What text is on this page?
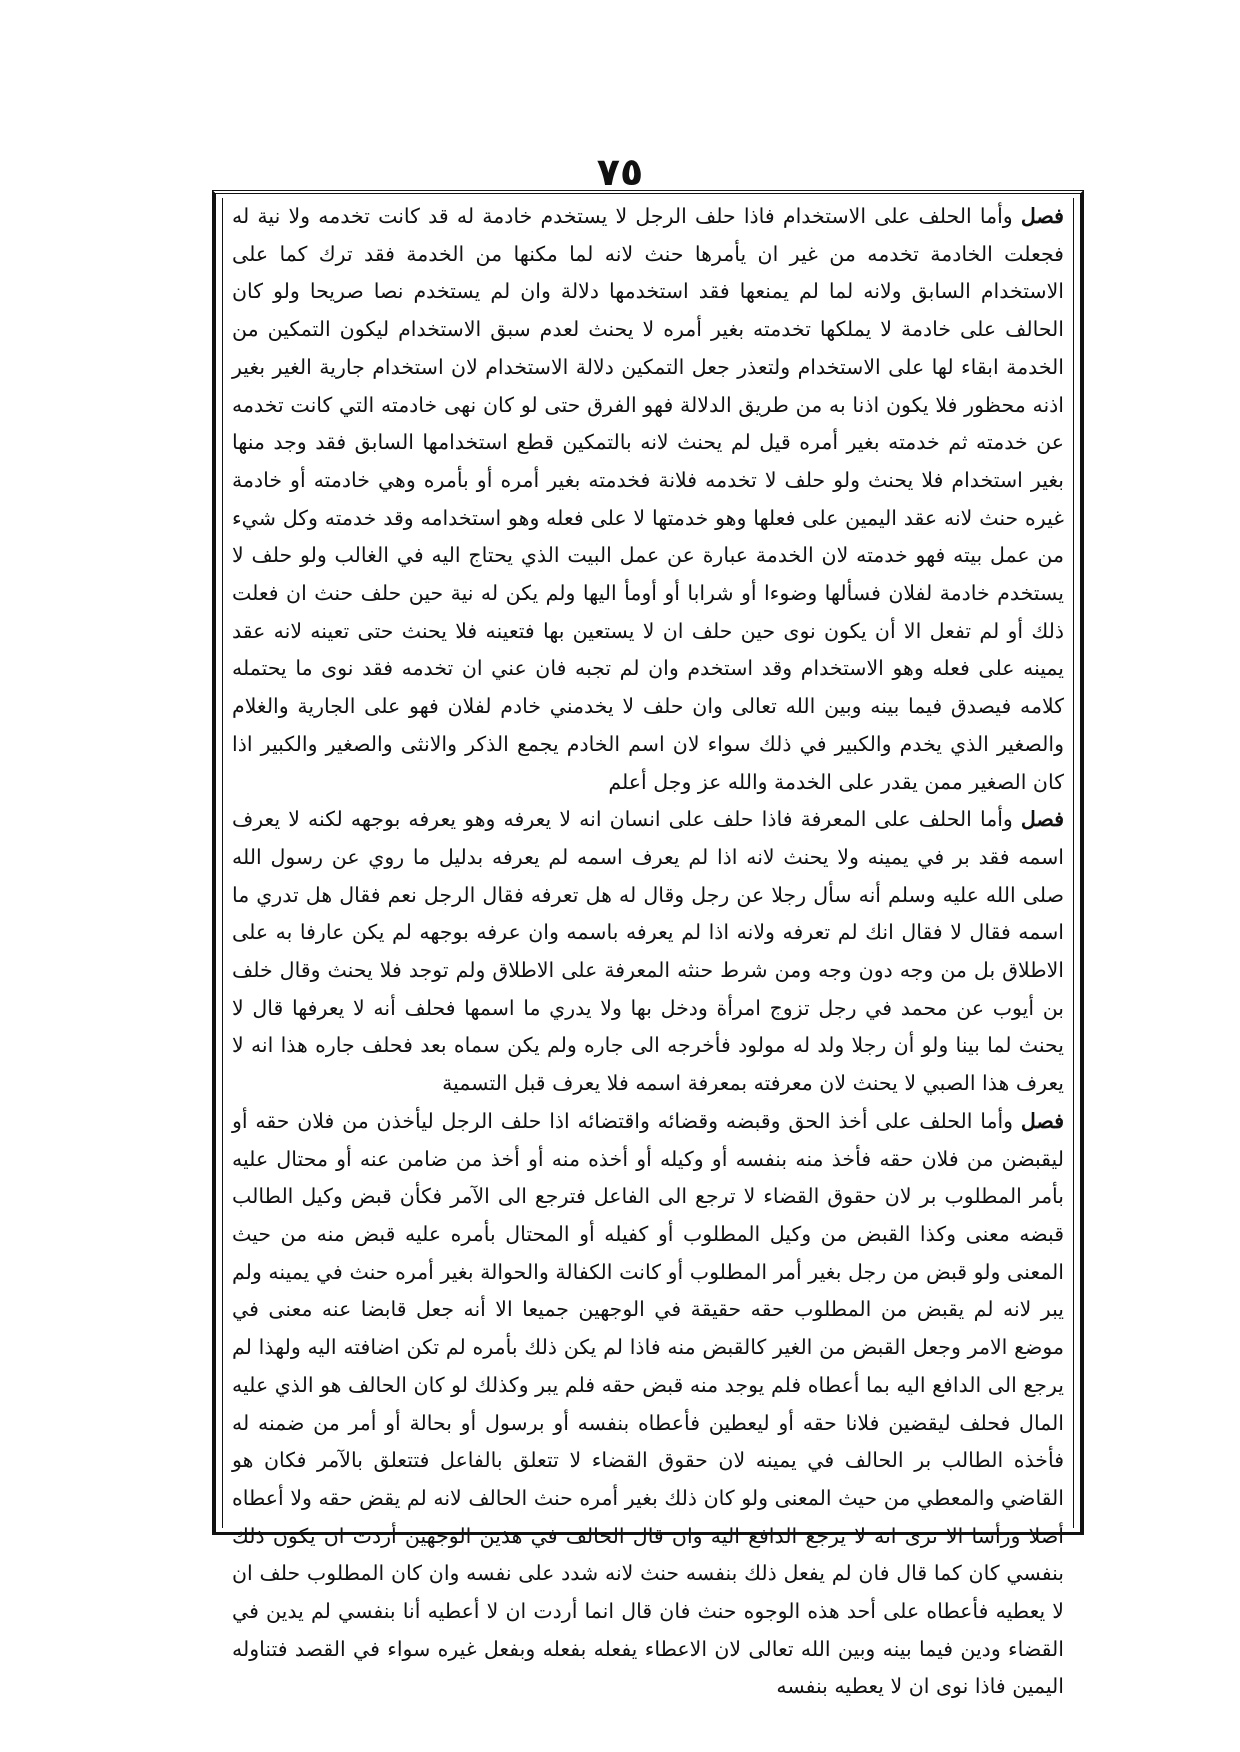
٧٥

فصل وأما الحلف على الاستخدام فاذا حلف الرجل لا يستخدم خادمة له قد كانت تخدمه ولا نية له فجعلت الخادمة تخدمه من غير ان يأمرها حنث لانه لما مكنها من الخدمة فقد ترك كما على الاستخدام السابق ولانه لما لم يمنعها فقد استخدمها دلالة وان لم يستخدم نصا صريحا ولو كان الحالف على خادمة لا يملكها تخدمته بغير أمره لا يحنث لعدم سبق الاستخدام ليكون التمكين من الخدمة ابقاء لها على الاستخدام ولتعذر جعل التمكين دلالة الاستخدام لان استخدام جارية الغير بغير اذنه محظور فلا يكون اذنا به من طريق الدلالة فهو الفرق حتى لو كان نهى خادمته التي كانت تخدمه عن خدمته ثم خدمته بغير أمره قيل لم يحنث لانه بالتمكين قطع استخدامها السابق فقد وجد منها بغير استخدام فلا يحنث ولو حلف لا تخدمه فلانة فخدمته بغير أمره أو بأمره وهي خادمته أو خادمة غيره حنث لانه عقد اليمين على فعلها وهو خدمتها لا على فعله وهو استخدامه وقد خدمته وكل شيء من عمل بيته فهو خدمته لان الخدمة عبارة عن عمل البيت الذي يحتاج اليه في الغالب ولو حلف لا يستخدم خادمة لفلان فسألها وضوءا أو شرابا أو أومأ اليها ولم يكن له نية حين حلف حنث ان فعلت ذلك أو لم تفعل الا أن يكون نوى حين حلف ان لا يستعين بها فتعينه فلا يحنث حتى تعينه لانه عقد يمينه على فعله وهو الاستخدام وقد استخدم وان لم تجبه فان عني ان تخدمه فقد نوى ما يحتمله كلامه فيصدق فيما بينه وبين الله تعالى وان حلف لا يخدمني خادم لفلان فهو على الجارية والغلام والصغير الذي يخدم والكبير في ذلك سواء لان اسم الخادم يجمع الذكر والانثى والصغير والكبير اذا كان الصغير ممن يقدر على الخدمة والله عز وجل أعلم

فصل وأما الحلف على المعرفة فاذا حلف على انسان انه لا يعرفه وهو يعرفه بوجهه لكنه لا يعرف اسمه فقد بر في يمينه ولا يحنث لانه اذا لم يعرف اسمه لم يعرفه بدليل ما روي عن رسول الله صلى الله عليه وسلم أنه سأل رجلا عن رجل وقال له هل تعرفه فقال الرجل نعم فقال هل تدري ما اسمه فقال لا فقال انك لم تعرفه ولانه اذا لم يعرفه باسمه وان عرفه بوجهه لم يكن عارفا به على الاطلاق بل من وجه دون وجه ومن شرط حنثه المعرفة على الاطلاق ولم توجد فلا يحنث وقال خلف بن أيوب عن محمد في رجل تزوج امرأة ودخل بها ولا يدري ما اسمها فحلف أنه لا يعرفها قال لا يحنث لما بينا ولو أن رجلا ولد له مولود فأخرجه الى جاره ولم يكن سماه بعد فحلف جاره هذا انه لا يعرف هذا الصبي لا يحنث لان معرفته بمعرفة اسمه فلا يعرف قبل التسمية

فصل وأما الحلف على أخذ الحق وقبضه وقضائه واقتضائه اذا حلف الرجل ليأخذن من فلان حقه أو ليقبضن من فلان حقه فأخذ منه بنفسه أو وكيله أو أخذه منه أو أخذ من ضامن عنه أو محتال عليه بأمر المطلوب بر لان حقوق القضاء لا ترجع الى الفاعل فترجع الى الآمر فكأن قبض وكيل الطالب قبضه معنى وكذا القبض من وكيل المطلوب أو كفيله أو المحتال بأمره عليه قبض منه من حيث المعنى ولو قبض من رجل بغير أمر المطلوب أو كانت الكفالة والحوالة بغير أمره حنث في يمينه ولم يبر لانه لم يقبض من المطلوب حقه حقيقة في الوجهين جميعا الا أنه جعل قابضا عنه معنى في موضع الامر وجعل القبض من الغير كالقبض منه فاذا لم يكن ذلك بأمره لم تكن اضافته اليه ولهذا لم يرجع الى الدافع اليه بما أعطاه فلم يوجد منه قبض حقه فلم يبر وكذلك لو كان الحالف هو الذي عليه المال فحلف ليقضين فلانا حقه أو ليعطين فأعطاه بنفسه أو برسول أو بحالة أو أمر من ضمنه له فأخذه الطالب بر الحالف في يمينه لان حقوق القضاء لا تتعلق بالفاعل فتتعلق بالآمر فكان هو القاضي والمعطي من حيث المعنى ولو كان ذلك بغير أمره حنث الحالف لانه لم يقض حقه ولا أعطاه أصلا ورأسا الا ترى انه لا يرجع الدافع اليه وان قال الحالف في هذين الوجهين أردت ان يكون ذلك بنفسي كان كما قال فان لم يفعل ذلك بنفسه حنث لانه شدد على نفسه وان كان المطلوب حلف ان لا يعطيه فأعطاه على أحد هذه الوجوه حنث فان قال انما أردت ان لا أعطيه أنا بنفسي لم يدين في القضاء ودين فيما بينه وبين الله تعالى لان الاعطاء يفعله بفعله وبفعل غيره سواء في القصد فتناوله اليمين فاذا نوى ان لا يعطيه بنفسه
